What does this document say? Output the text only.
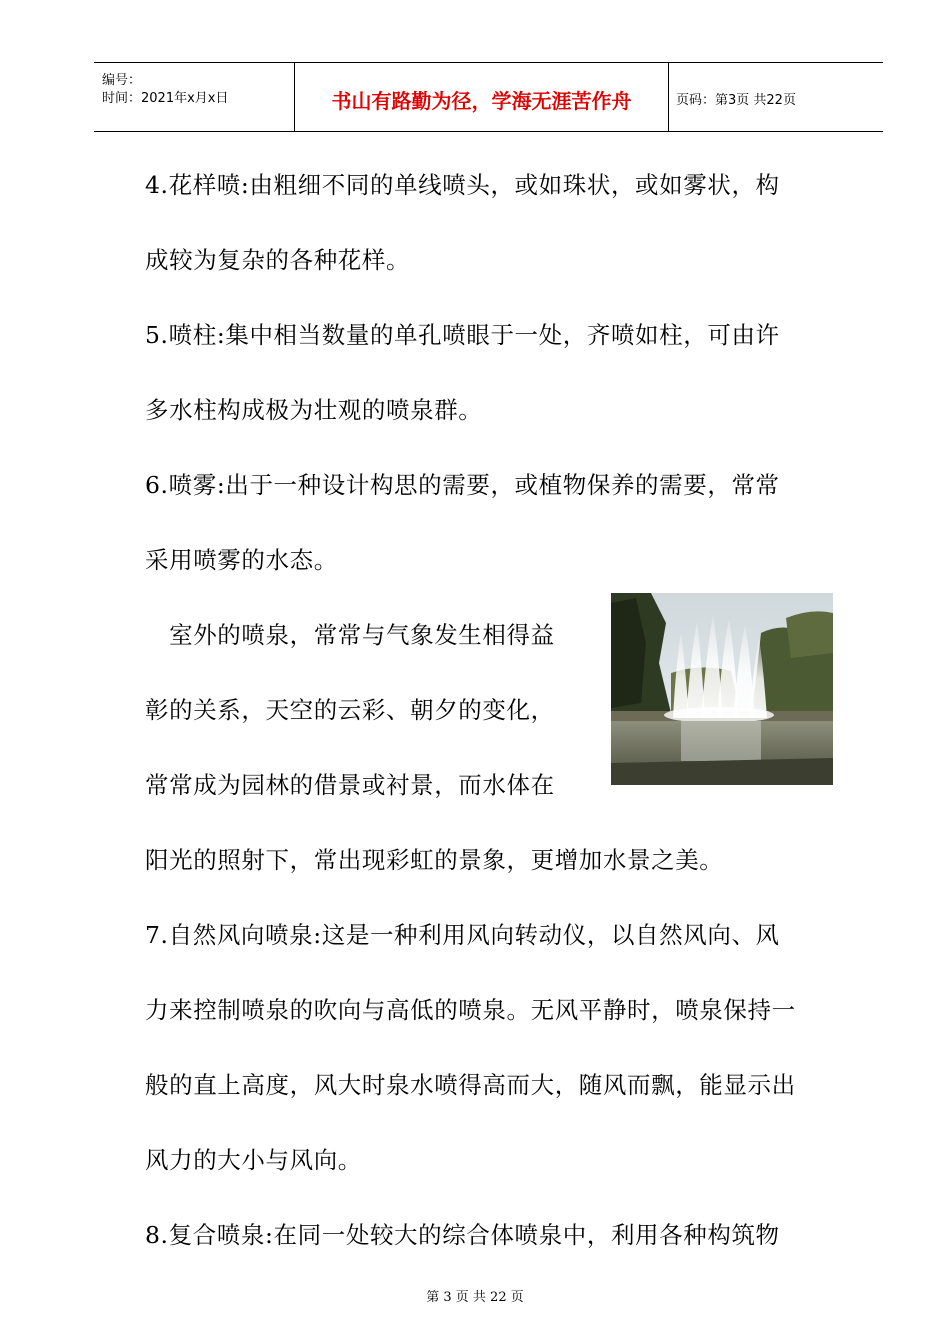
编号：
时间：2021年x月x日	书山有路勤为径，学海无涯苦作舟	页码：第3页 共22页
4.花样喷:由粗细不同的单线喷头，或如珠状，或如雾状，构
成较为复杂的各种花样。
5.喷柱:集中相当数量的单孔喷眼于一处，齐喷如柱，可由许
多水柱构成极为壮观的喷泉群。
6.喷雾:出于一种设计构思的需要，或植物保养的需要，常常
采用喷雾的水态。
　室外的喷泉，常常与气象发生相得益
彰的关系，天空的云彩、朝夕的变化，
常常成为园林的借景或衬景，而水体在
阳光的照射下，常出现彩虹的景象，更增加水景之美。
7.自然风向喷泉:这是一种利用风向转动仪，以自然风向、风
力来控制喷泉的吹向与高低的喷泉。无风平静时，喷泉保持一
般的直上高度，风大时泉水喷得高而大，随风而飘，能显示出
风力的大小与风向。
8.复合喷泉:在同一处较大的综合体喷泉中，利用各种构筑物
第 3 页 共 22 页
